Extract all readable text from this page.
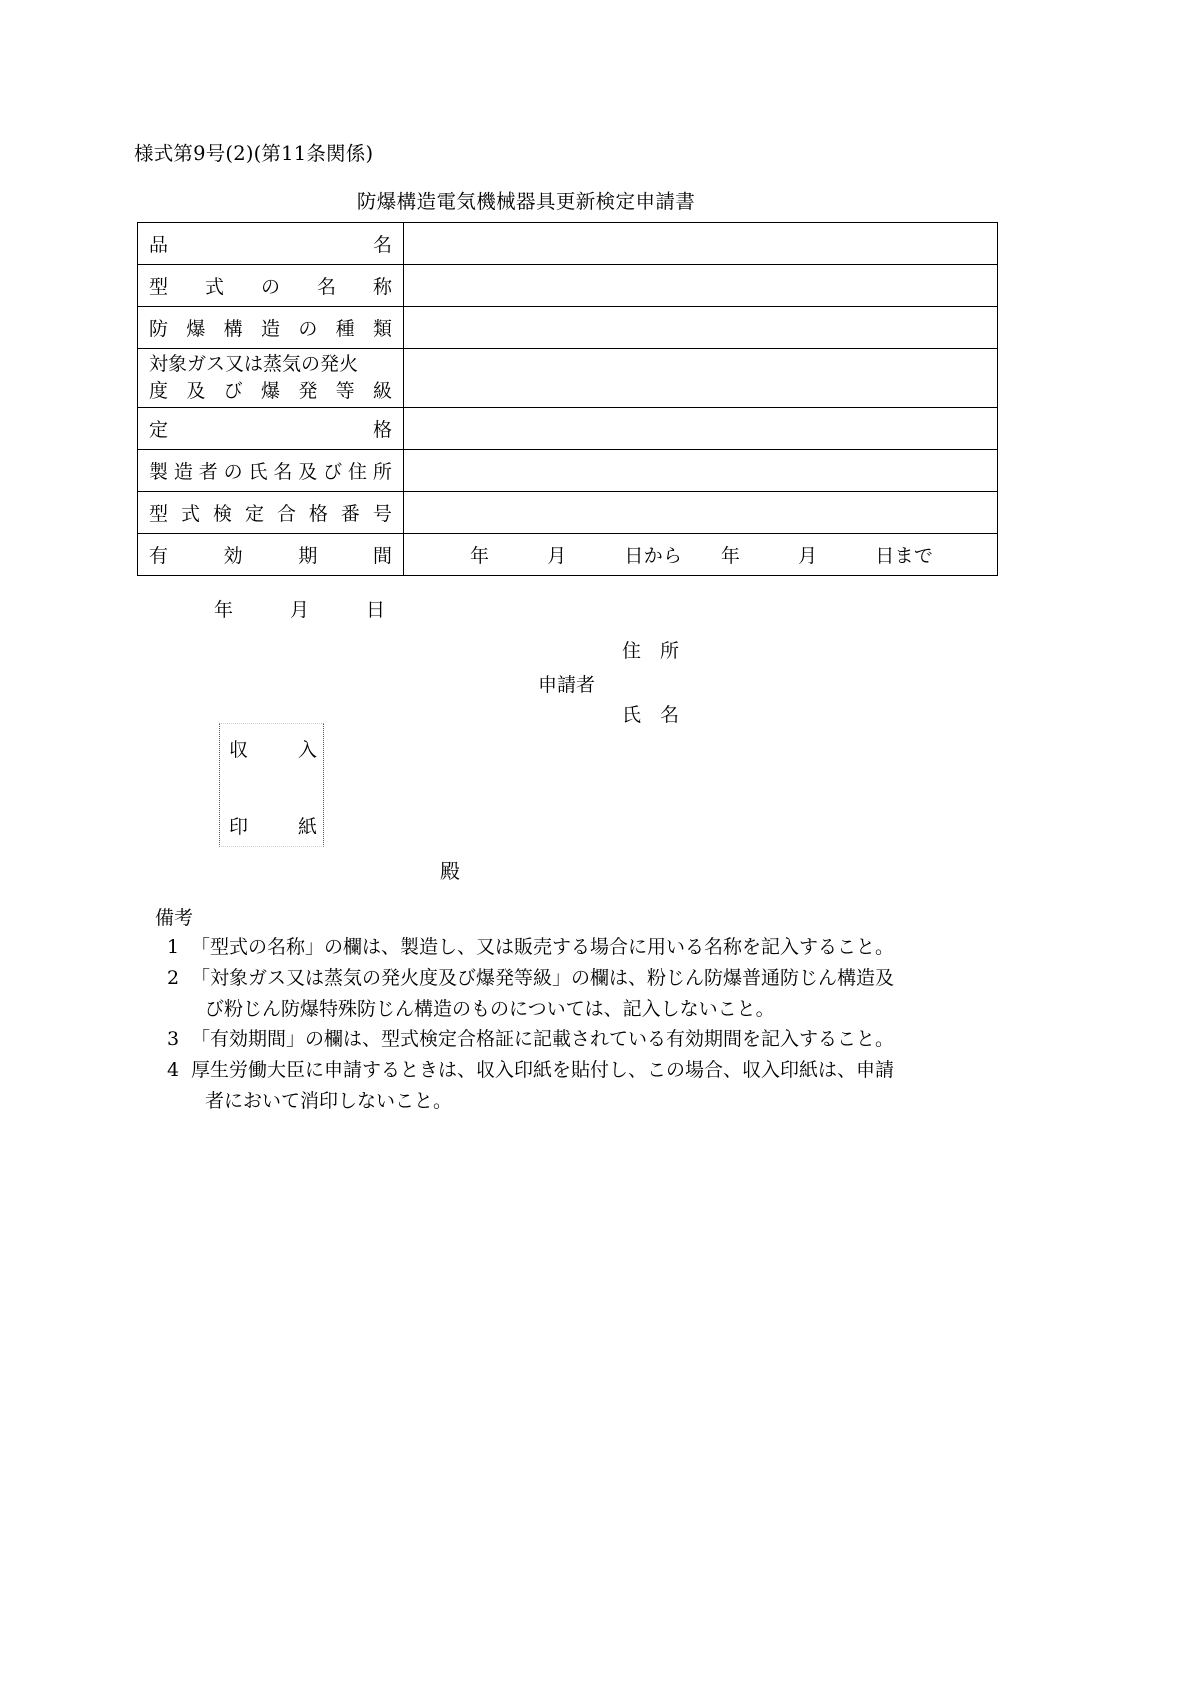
様式第9号(2)(第11条関係)
防爆構造電気機械器具更新検定申請書
品 名	

型 式 の 名 称	

防 爆 構 造 の 種 類

対象ガス又は蒸気の発火
度 及 び 爆 発 等 級

定 格	

製 造 者 の 氏 名 及 び 住 所

型 式 検 定 合 格 番 号

有 効 期 間	年　　　月　　　日から　　年　　　月　　　日まで
年　　　月　　　日
住　所
申請者
氏　名
収	入
印	紙
殿
備考
1 「型式の名称」の欄は、製造し、又は販売する場合に用いる名称を記入すること。
2 「対象ガス又は蒸気の発火度及び爆発等級」の欄は、粉じん防爆普通防じん構造及
び粉じん防爆特殊防じん構造のものについては、記入しないこと。
3 「有効期間」の欄は、型式検定合格証に記載されている有効期間を記入すること。
4 厚生労働大臣に申請するときは、収入印紙を貼付し、この場合、収入印紙は、申請
者において消印しないこと。
